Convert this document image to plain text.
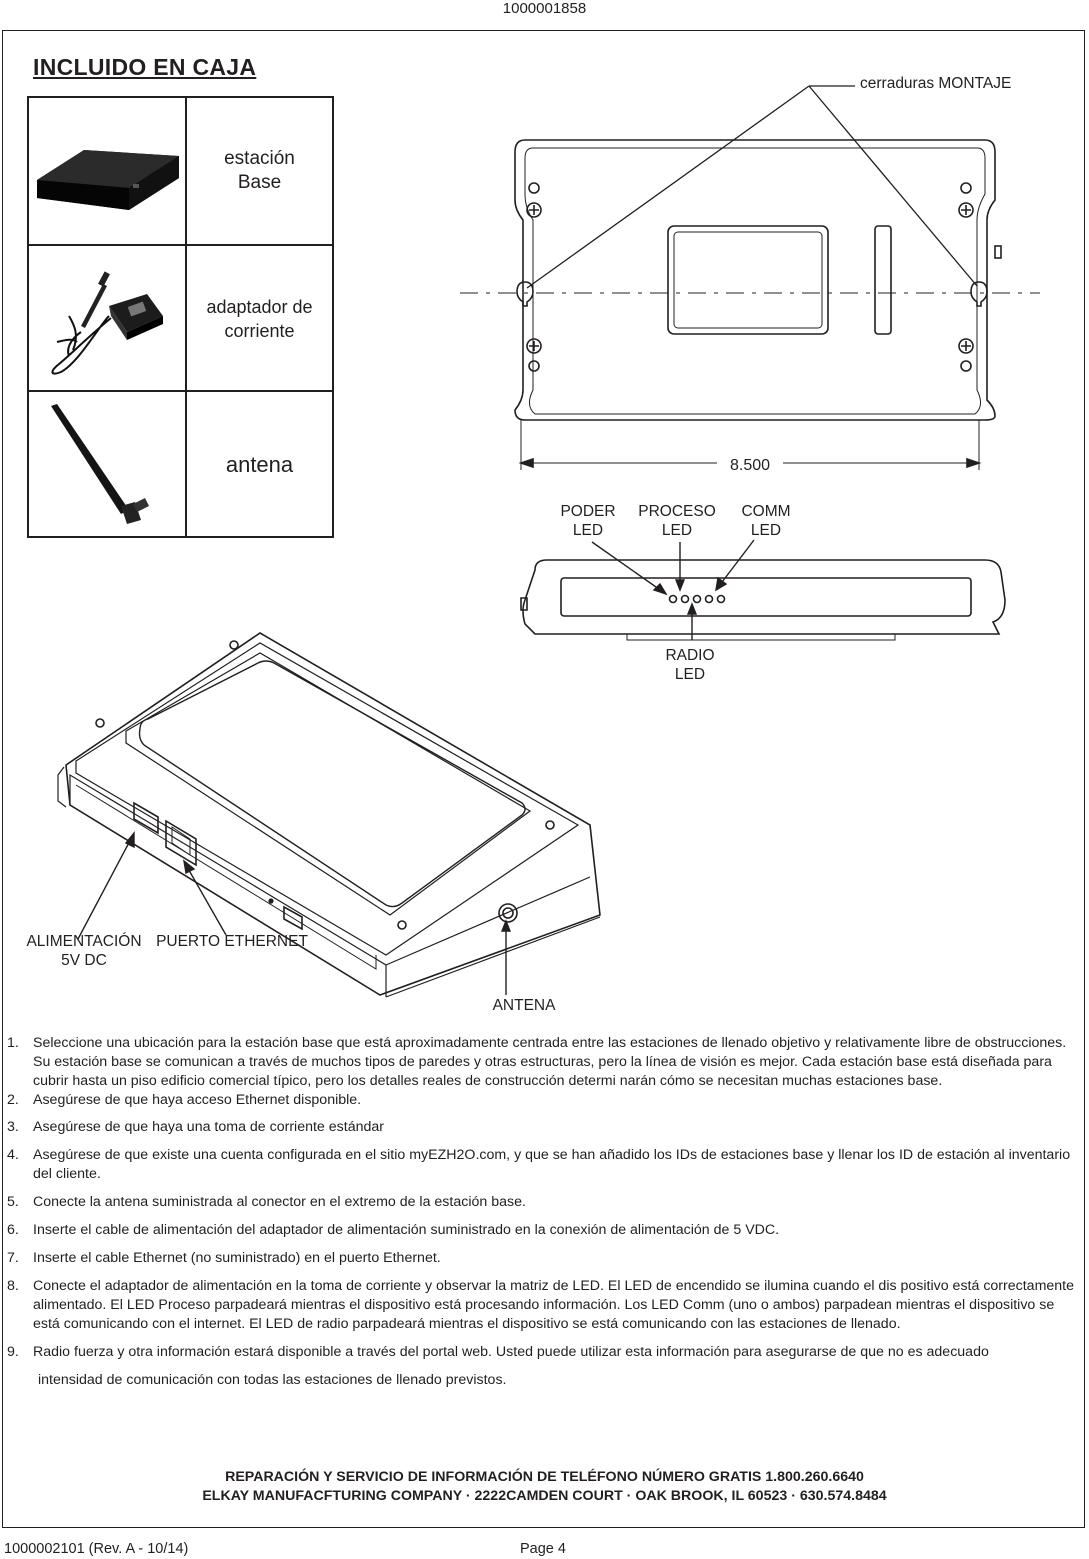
1000001858
INCLUIDO EN CAJA
estación
Base
adaptador de
corriente
antena	8.500
cerraduras MONTAJE
PODER
LED
PROCESO
LED
COMM
LED
RADIO
LED
ALIMENTACIÓN
5V DC
PUERTO ETHERNET
ANTENA
1. Seleccione una ubicación para la estación base que está aproximadamente centrada entre las estaciones de llenado objetivo y relativamente libre de obstrucciones. Su estación base se comunican a través de muchos tipos de paredes y otras estructuras, pero la línea de visión es mejor. Cada estación base está diseñada para cubrir hasta un piso edificio comercial típico, pero los detalles reales de construcción determi narán cómo se necesitan muchas estaciones base.
2. Asegúrese de que haya acceso Ethernet disponible.
3. Asegúrese de que haya una toma de corriente estándar
4. Asegúrese de que existe una cuenta configurada en el sitio myEZH2O.com, y que se han añadido los IDs de estaciones base y llenar los ID de estación al inventario del cliente.
5. Conecte la antena suministrada al conector en el extremo de la estación base.
6. Inserte el cable de alimentación del adaptador de alimentación suministrado en la conexión de alimentación de 5 VDC.
7. Inserte el cable Ethernet (no suministrado) en el puerto Ethernet.
8. Conecte el adaptador de alimentación en la toma de corriente y observar la matriz de LED. El LED de encendido se ilumina cuando el dis positivo está correctamente alimentado. El LED Proceso parpadeará mientras el dispositivo está procesando información. Los LED Comm (uno o ambos) parpadean mientras el dispositivo se está comunicando con el internet. El LED de radio parpadeará mientras el dispositivo se está comunicando con las estaciones de llenado.
9. Radio fuerza y otra información estará disponible a través del portal web. Usted puede utilizar esta información para asegurarse de que no es adecuado
intensidad de comunicación con todas las estaciones de llenado previstos.
REPARACIÓN Y SERVICIO DE INFORMACIÓN DE TELÉFONO NÚMERO GRATIS 1.800.260.6640
ELKAY MANUFACFTURING COMPANY · 2222CAMDEN COURT · OAK BROOK, IL 60523 · 630.574.8484
1000002101 (Rev. A - 10/14)	Page 4
